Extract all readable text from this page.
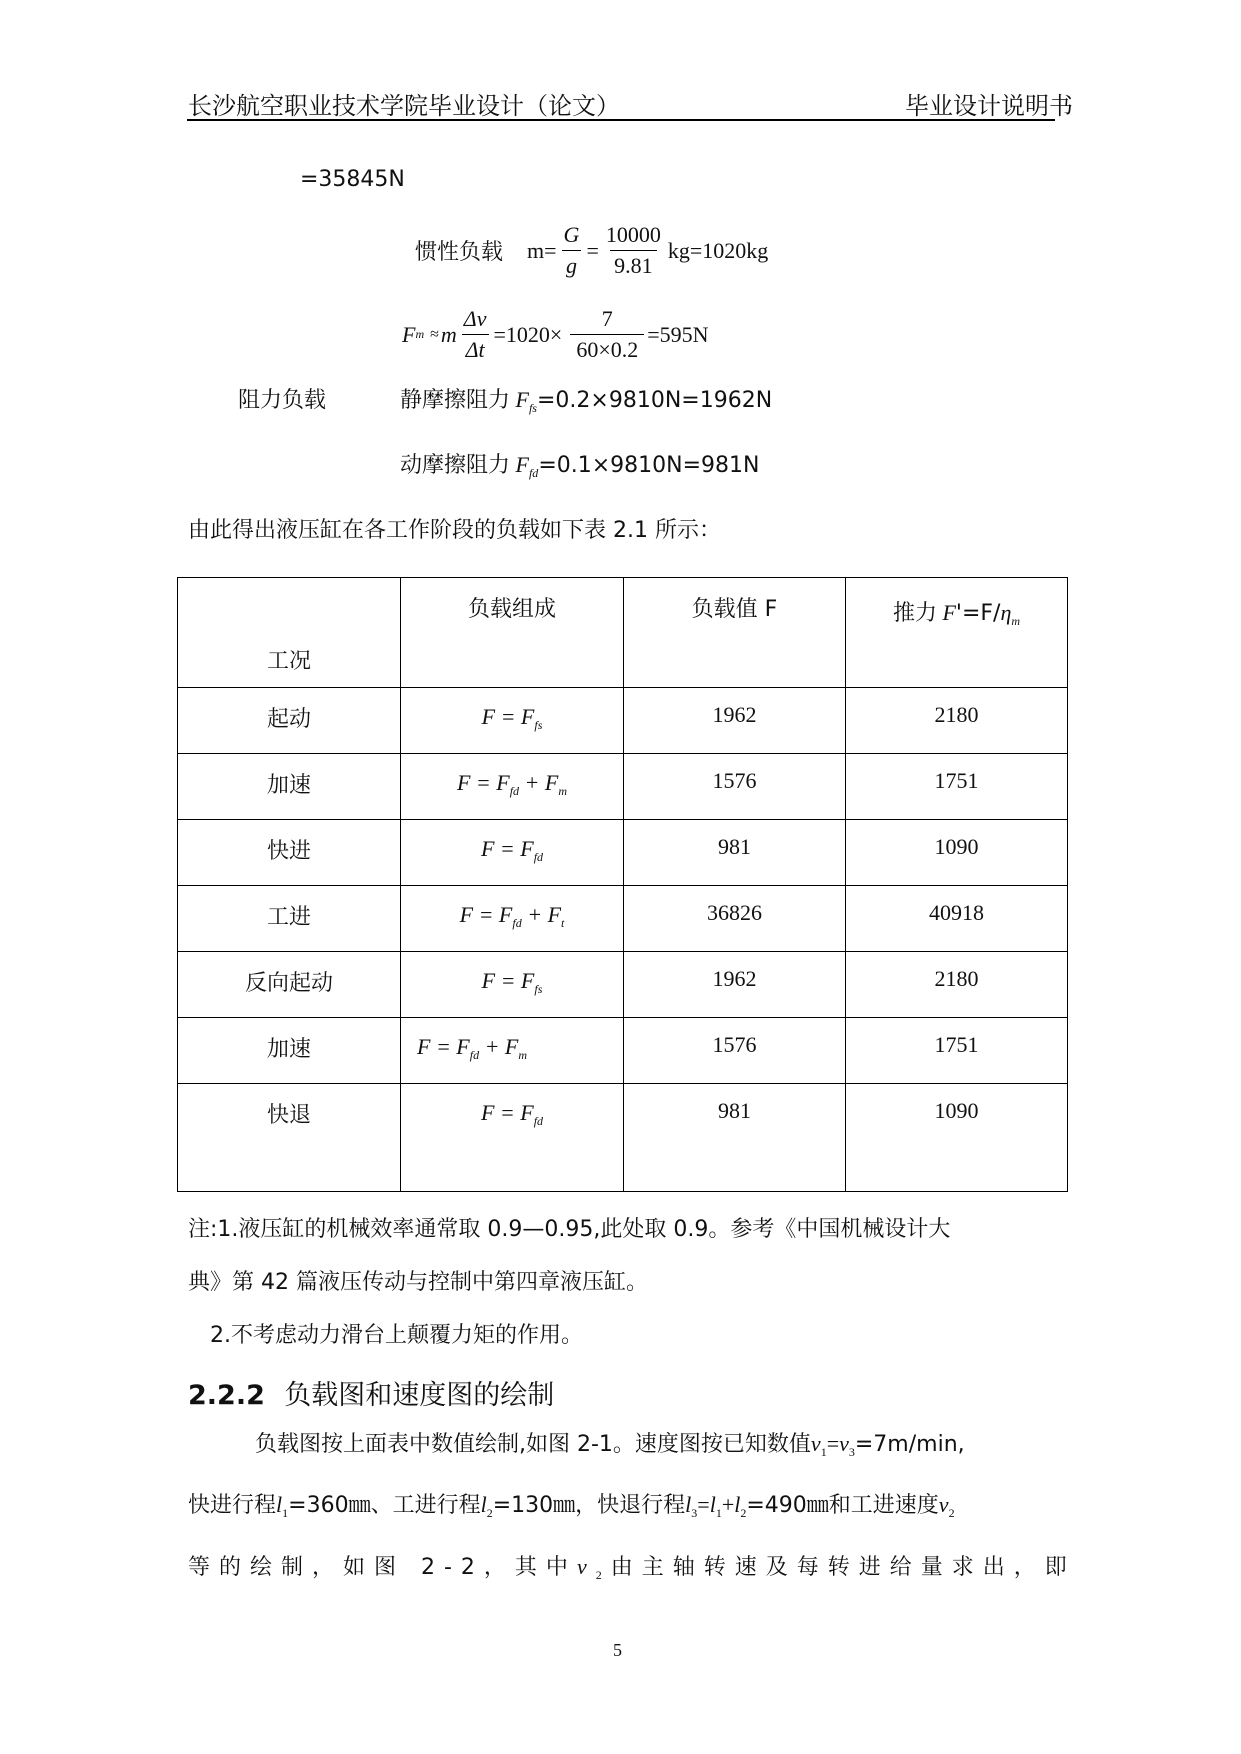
长沙航空职业技术学院毕业设计（论文）	毕业设计说明书
=35845N
惯性负载 $m= \frac{G}{g} = \frac{10000}{9.81} kg=1020kg$
F m ≈ m $\frac{\Delta v}{\Delta t} =1020\times \frac{7}{60\times 0.2} =595N$
阻力负载	静摩擦阻力 $F_{fs}=0.2\times 9810N=1962N$
动摩擦阻力 $F_{fd}=0.1\times 9810N=981N$
由此得出液压缸在各工作阶段的负载如下表 2.1 所示：
工况	负载组成	负载值 F	推力 $F'=F/\eta_m$
起动	$F = F_{fs}$	1962	2180
加速	$F = F_{fd} + F_m$	1576	1751
快进	$F = F_{fd}$	981	1090
工进	$F = F_{fd} + F_t$	36826	40918
反向起动	$F = F_{fs}$	1962	2180
加速	$F = F_{fd} + F_m$	1576	1751
快退	$F = F_{fd}$	981	1090
注:1.液压缸的机械效率通常取 0.9—0.95,此处取 0.9。参考《中国机械设计大
典》第 42 篇液压传动与控制中第四章液压缸。
2.不考虑动力滑台上颠覆力矩的作用。
2.2.2 负载图和速度图的绘制
负载图按上面表中数值绘制,如图 2-1。速度图按已知数值$v_1=v_3=7m/\min$,
快进行程$l_1=360㎜$、工进行程$l_2=130㎜$，快退行程$l_3=l_1+l_2=490㎜$和工进速度$v_2$
等的绘制，如图 2-2，其中$v_2$由主轴转速及每转进给量求出，即
5
